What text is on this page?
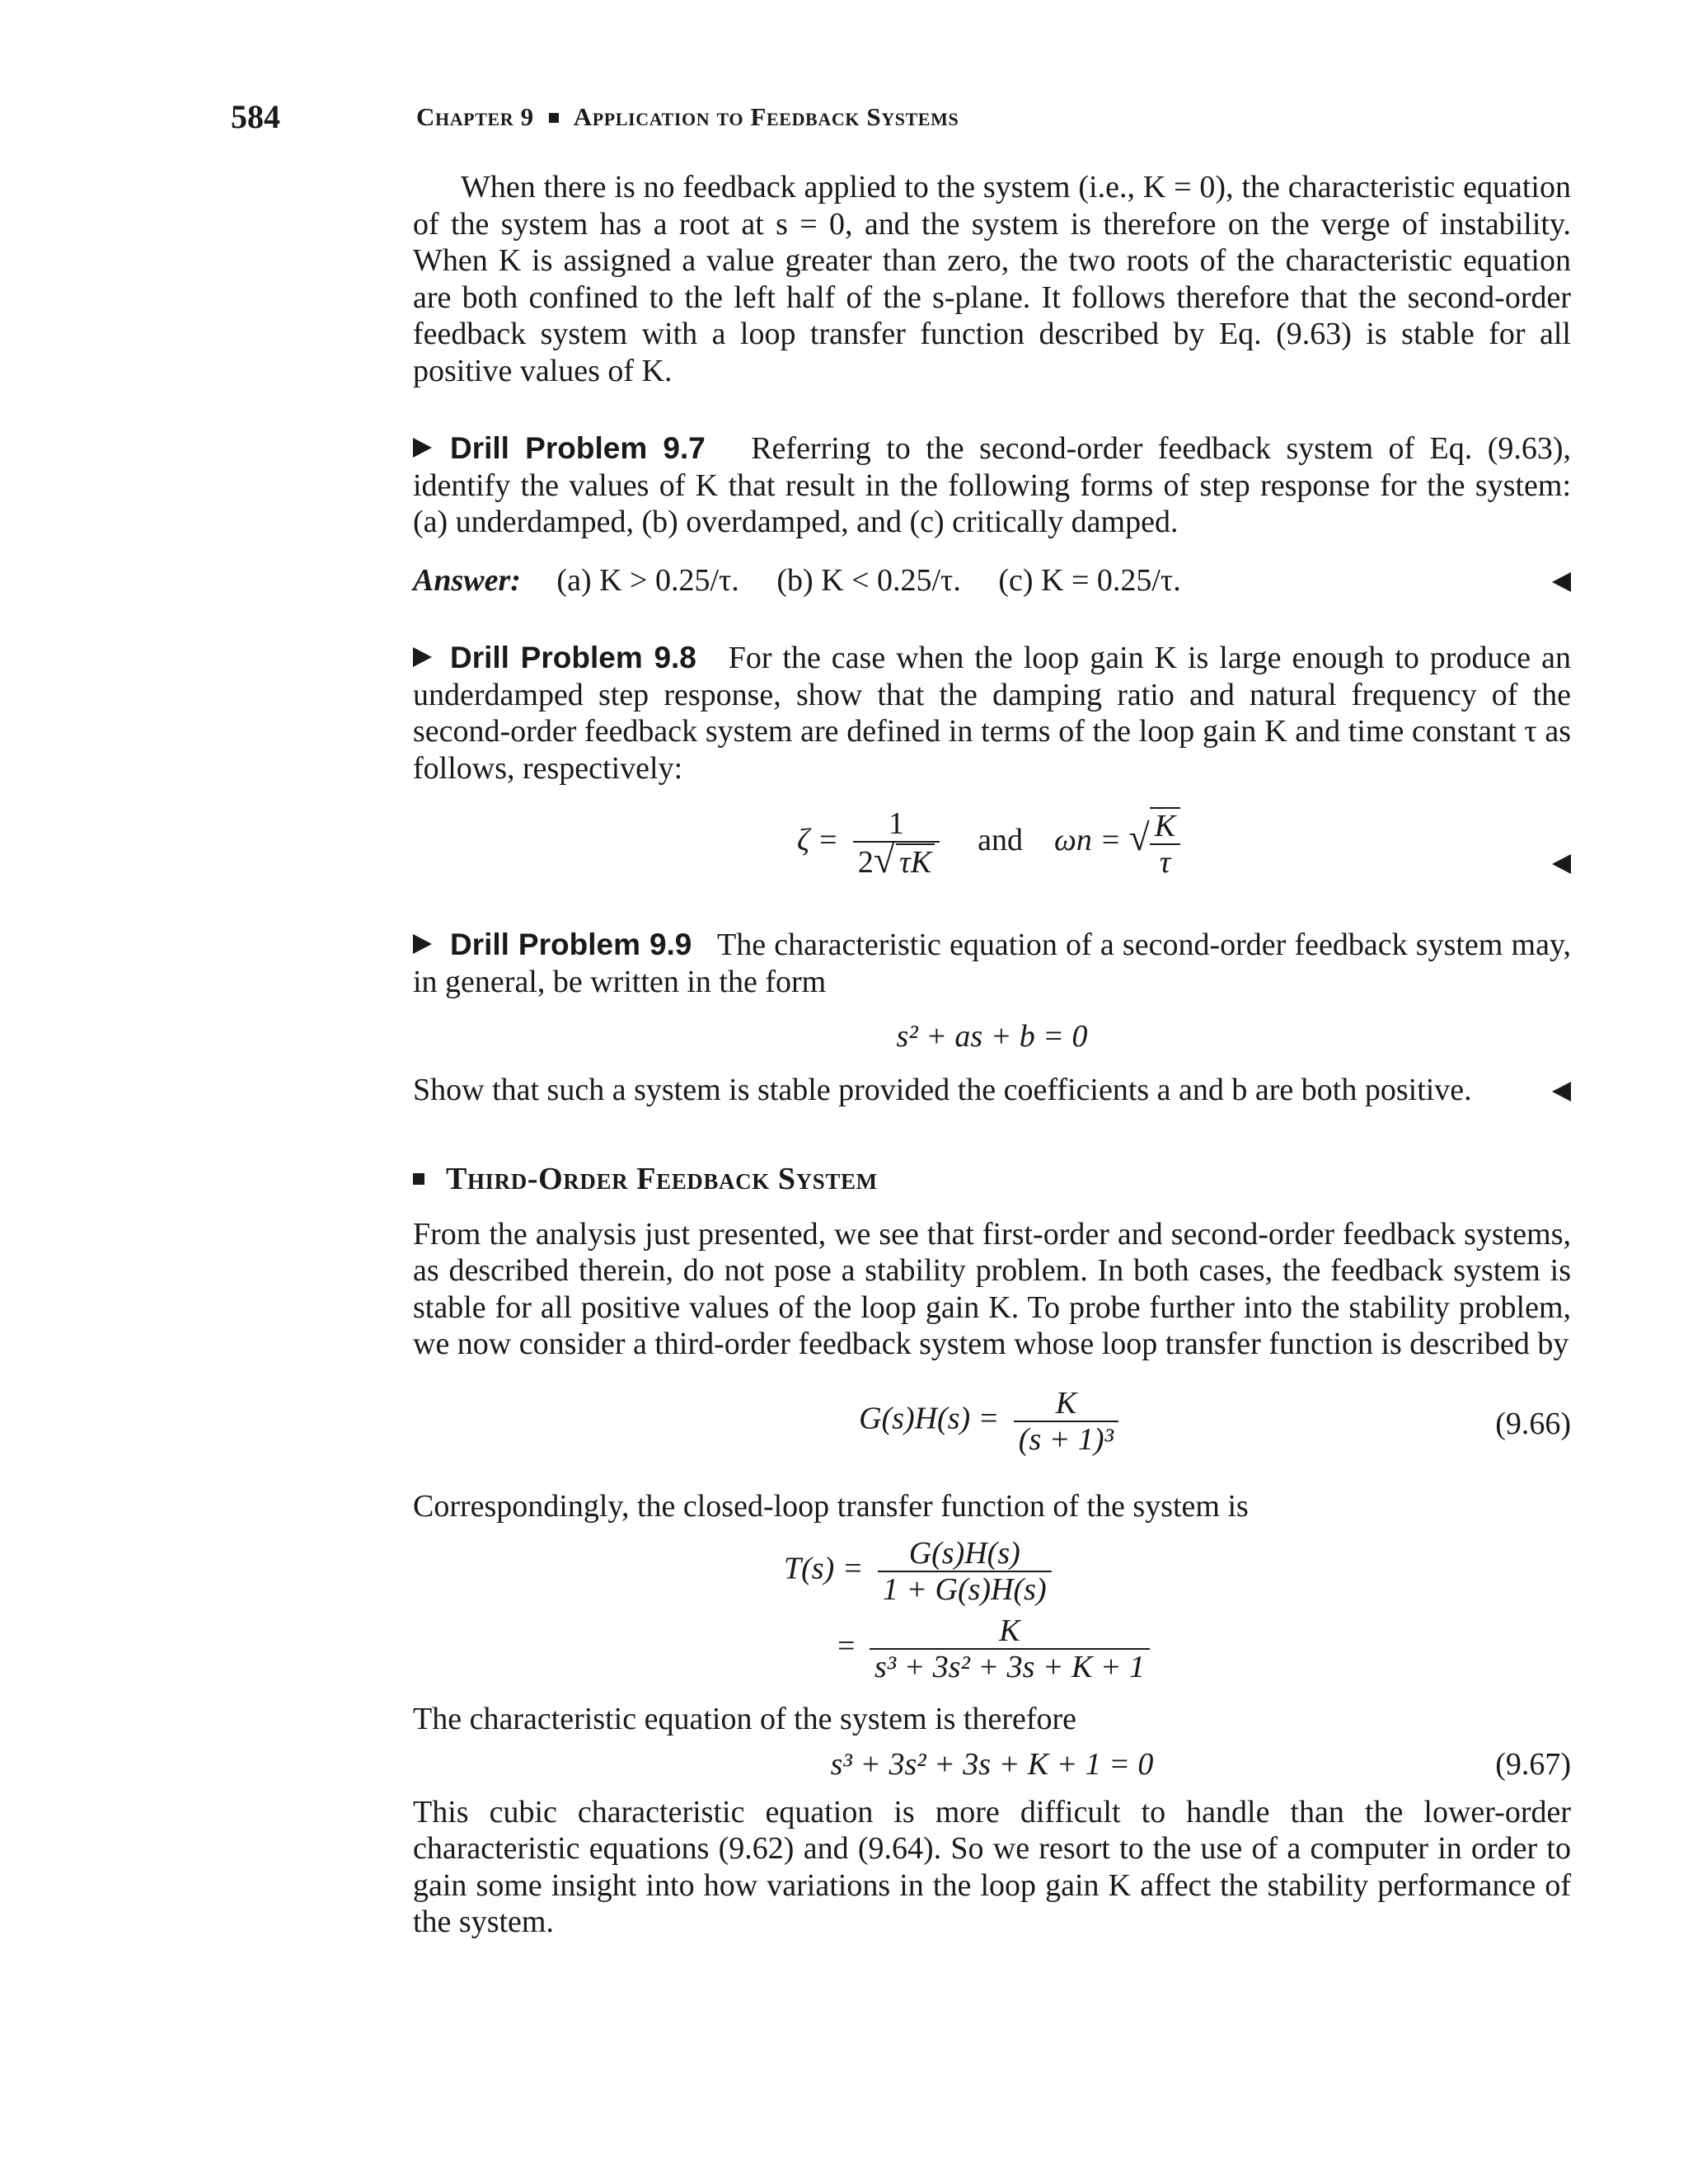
584	Chapter 9 Application to Feedback Systems

When there is no feedback applied to the system (i.e., K = 0), the characteristic equation of the system has a root at s = 0, and the system is therefore on the verge of instability. When K is assigned a value greater than zero, the two roots of the characteristic equation are both confined to the left half of the s-plane. It follows therefore that the second-order feedback system with a loop transfer function described by Eq. (9.63) is stable for all positive values of K.

Drill Problem 9.7 Referring to the second-order feedback system of Eq. (9.63), identify the values of K that result in the following forms of step response for the system: (a) underdamped, (b) overdamped, and (c) critically damped.

Answer: (a) K > 0.25/τ. (b) K < 0.25/τ. (c) K = 0.25/τ.

Drill Problem 9.8 For the case when the loop gain K is large enough to produce an underdamped step response, show that the damping ratio and natural frequency of the second-order feedback system are defined in terms of the loop gain K and time constant τ as follows, respectively:

$\zeta = \frac{1}{2√ \tau K}$ and ωn = √ $\frac{K}{\tau}$

Drill Problem 9.9 The characteristic equation of a second-order feedback system may, in general, be written in the form

s² + as + b = 0

Show that such a system is stable provided the coefficients a and b are both positive.

Third-Order Feedback System

From the analysis just presented, we see that first-order and second-order feedback systems, as described therein, do not pose a stability problem. In both cases, the feedback system is stable for all positive values of the loop gain K. To probe further into the stability problem, we now consider a third-order feedback system whose loop transfer function is described by

$G(s)H(s) = \frac{K}{\text{(s + 1)³}}$	(9.66)

Correspondingly, the closed-loop transfer function of the system is

$T(s) = \frac{G(s)H(s)}{1 + G(s)H(s)}$
= $\frac{K}{\text{s³ + 3s² + 3s + K + 1}}$

The characteristic equation of the system is therefore

s³ + 3s² + 3s + K + 1 = 0	(9.67)

This cubic characteristic equation is more difficult to handle than the lower-order characteristic equations (9.62) and (9.64). So we resort to the use of a computer in order to gain some insight into how variations in the loop gain K affect the stability performance of the system.
